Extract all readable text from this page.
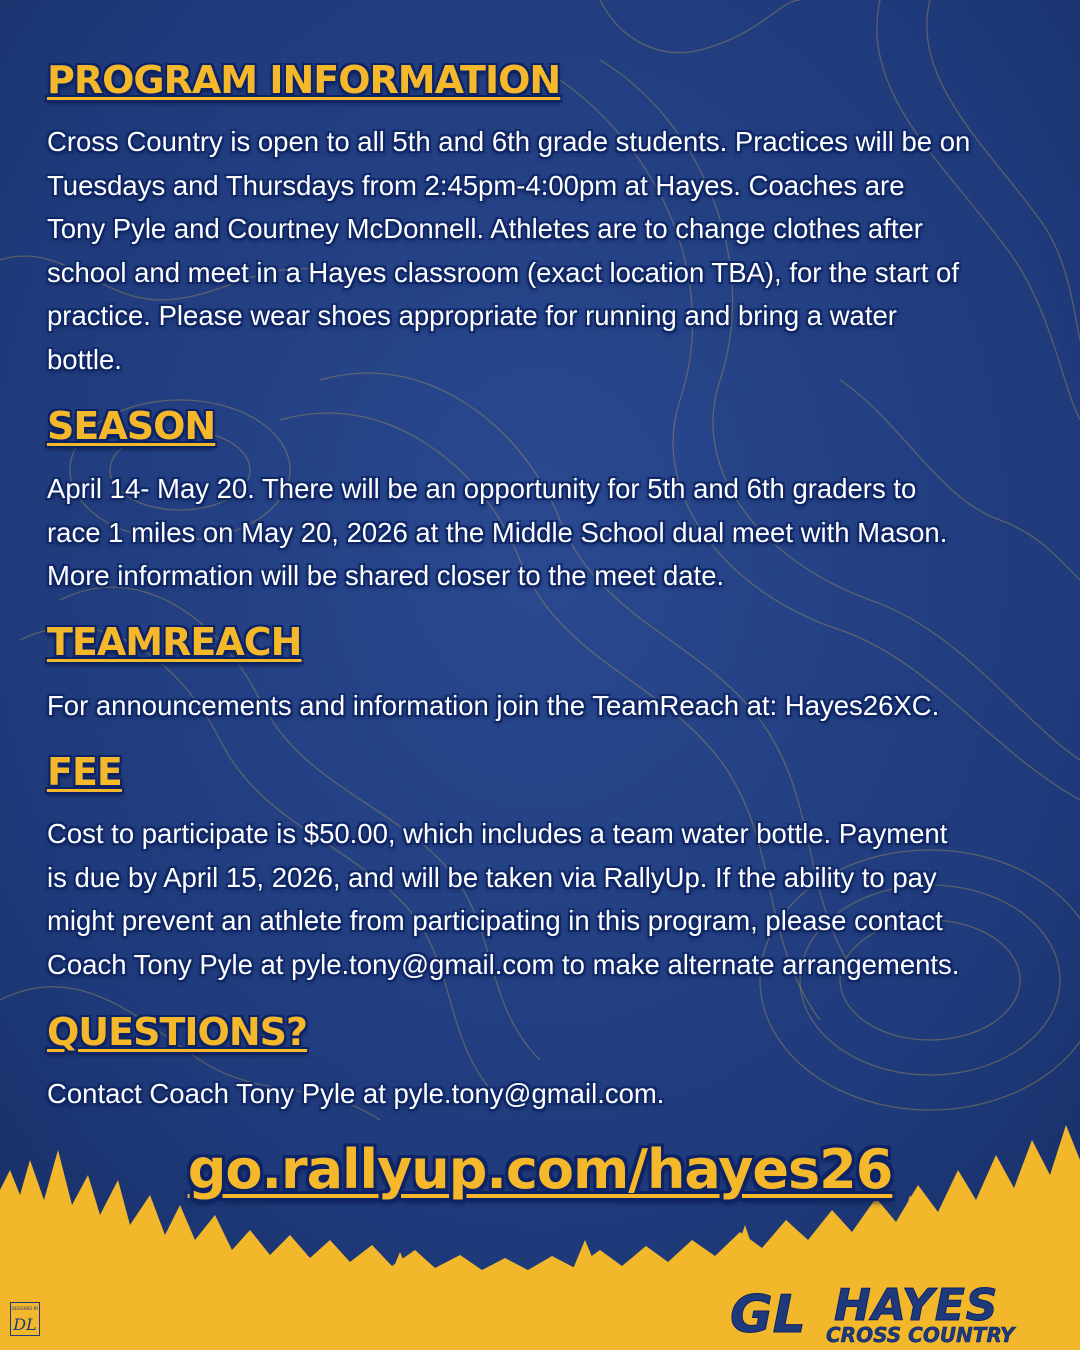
PROGRAM INFORMATION
Cross Country is open to all 5th and 6th grade students. Practices will be on
Tuesdays and Thursdays from 2:45pm-4:00pm at Hayes. Coaches are
Tony Pyle and Courtney McDonnell. Athletes are to change clothes after
school and meet in a Hayes classroom (exact location TBA), for the start of
practice. Please wear shoes appropriate for running and bring a water
bottle.
SEASON
April 14- May 20. There will be an opportunity for 5th and 6th graders to
race 1 miles on May 20, 2026 at the Middle School dual meet with Mason.
More information will be shared closer to the meet date.
TEAMREACH
For announcements and information join the TeamReach at: Hayes26XC.
FEE
Cost to participate is $50.00, which includes a team water bottle. Payment
is due by April 15, 2026, and will be taken via RallyUp. If the ability to pay
might prevent an athlete from participating in this program, please contact
Coach Tony Pyle at pyle.tony@gmail.com to make alternate arrangements.
QUESTIONS?
Contact Coach Tony Pyle at pyle.tony@gmail.com.
go.rallyup.com/hayes26
DESIGNED BY
DL	GL HAYES
CROSS COUNTRY
